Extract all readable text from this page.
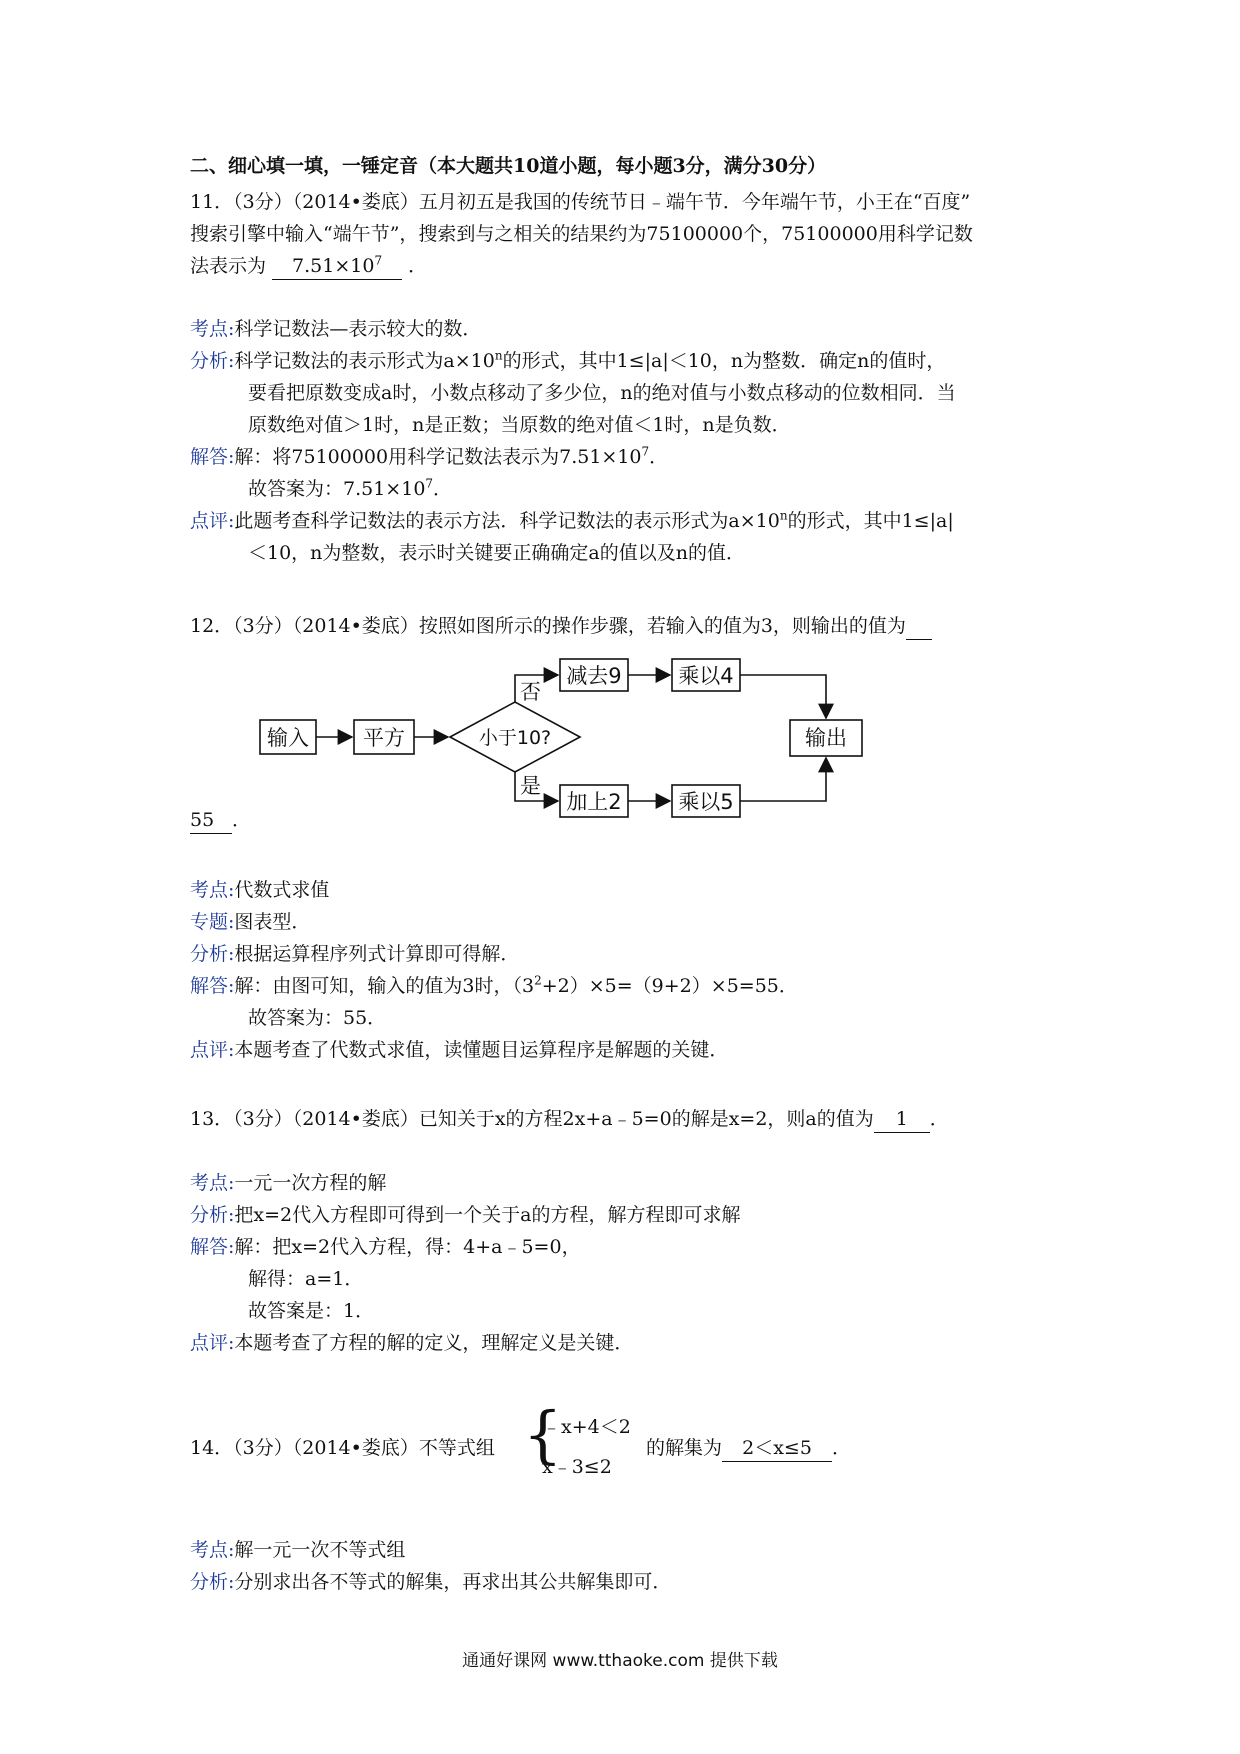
二、细心填一填，一锤定音（本大题共10道小题，每小题3分，满分30分）
11．（3分）（2014•娄底）五月初五是我国的传统节日﹣端午节．今年端午节，小王在“百度”
搜索引擎中输入“端午节”，搜索到与之相关的结果约为75100000个，75100000用科学记数
法表示为 $7.51\times 10^7$ ．
考点:科学记数法—表示较大的数．
分析:科学记数法的表示形式为$a\times 10^n$的形式，其中1≤|a|＜10，n为整数．确定n的值时，
要看把原数变成a时，小数点移动了多少位，n的绝对值与小数点移动的位数相同．当
原数绝对值＞1时，n是正数；当原数的绝对值＜1时，n是负数．
解答:解：将75100000用科学记数法表示为$7.51\times 10^7$．
故答案为：$7.51\times 10^7$．
点评:此题考查科学记数法的表示方法．科学记数法的表示形式为$a\times 10^n$的形式，其中1≤|a|
＜10，n为整数，表示时关键要正确确定a的值以及n的值．
12．（3分）（2014•娄底）按照如图所示的操作步骤，若输入的值为3，则输出的值为
输入	平方	小于10?
否
是
减去9	乘以4
加上2	乘以5
输出
55 ．
考点:代数式求值
专题:图表型．
分析:根据运算程序列式计算即可得解．
解答:解：由图可知，输入的值为3时，$(3^2+2)\times 5=(9+2)\times 5=55$．
故答案为：55．
点评:本题考查了代数式求值，读懂题目运算程序是解题的关键．
13．（3分）（2014•娄底）已知关于x的方程2x+a﹣5=0的解是x=2，则a的值为 1 ．
考点:一元一次方程的解
分析:把x=2代入方程即可得到一个关于a的方程，解方程即可求解
解答:解：把x=2代入方程，得：4+a﹣5=0，
解得：a=1．
故答案是：1．
点评:本题考查了方程的解的定义，理解定义是关键．
14．（3分）（2014•娄底）不等式组 {
﹣x+4＜2
x﹣3≤2
的解集为 2＜x≤5 ．
考点:解一元一次不等式组
分析:分别求出各不等式的解集，再求出其公共解集即可．
通通好课网 www.tthaoke.com 提供下载
